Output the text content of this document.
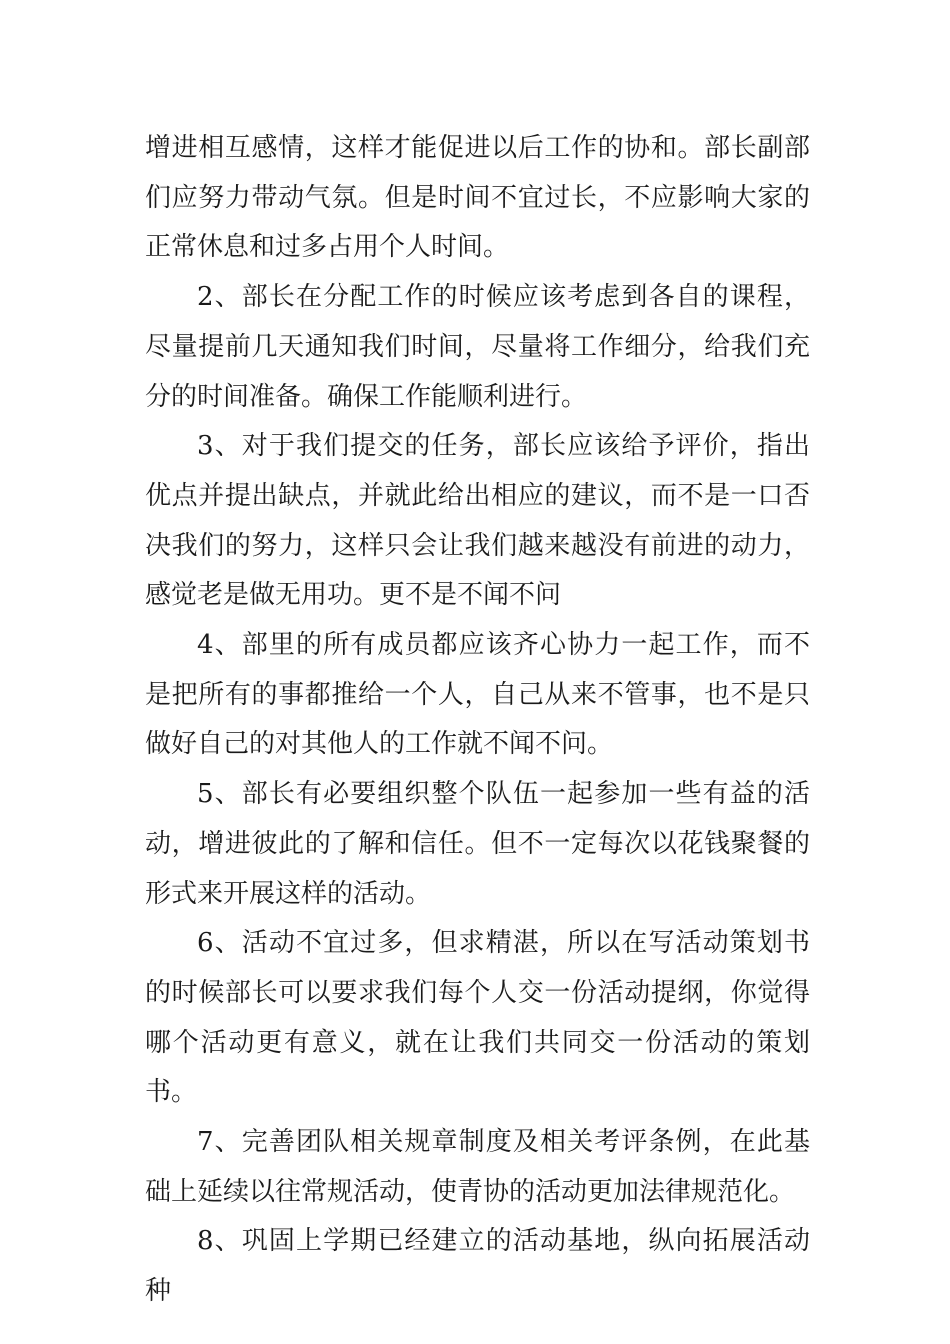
增进相互感情，这样才能促进以后工作的协和。部长副部们应努力带动气氛。但是时间不宜过长，不应影响大家的正常休息和过多占用个人时间。

2、部长在分配工作的时候应该考虑到各自的课程，尽量提前几天通知我们时间，尽量将工作细分，给我们充分的时间准备。确保工作能顺利进行。

3、对于我们提交的任务，部长应该给予评价，指出优点并提出缺点，并就此给出相应的建议，而不是一口否决我们的努力，这样只会让我们越来越没有前进的动力，感觉老是做无用功。更不是不闻不问

4、部里的所有成员都应该齐心协力一起工作，而不是把所有的事都推给一个人，自己从来不管事，也不是只做好自己的对其他人的工作就不闻不问。

5、部长有必要组织整个队伍一起参加一些有益的活动，增进彼此的了解和信任。但不一定每次以花钱聚餐的形式来开展这样的活动。

6、活动不宜过多，但求精湛，所以在写活动策划书的时候部长可以要求我们每个人交一份活动提纲，你觉得哪个活动更有意义，就在让我们共同交一份活动的策划书。

7、完善团队相关规章制度及相关考评条例，在此基础上延续以往常规活动，使青协的活动更加法律规范化。

8、巩固上学期已经建立的活动基地，纵向拓展活动种
